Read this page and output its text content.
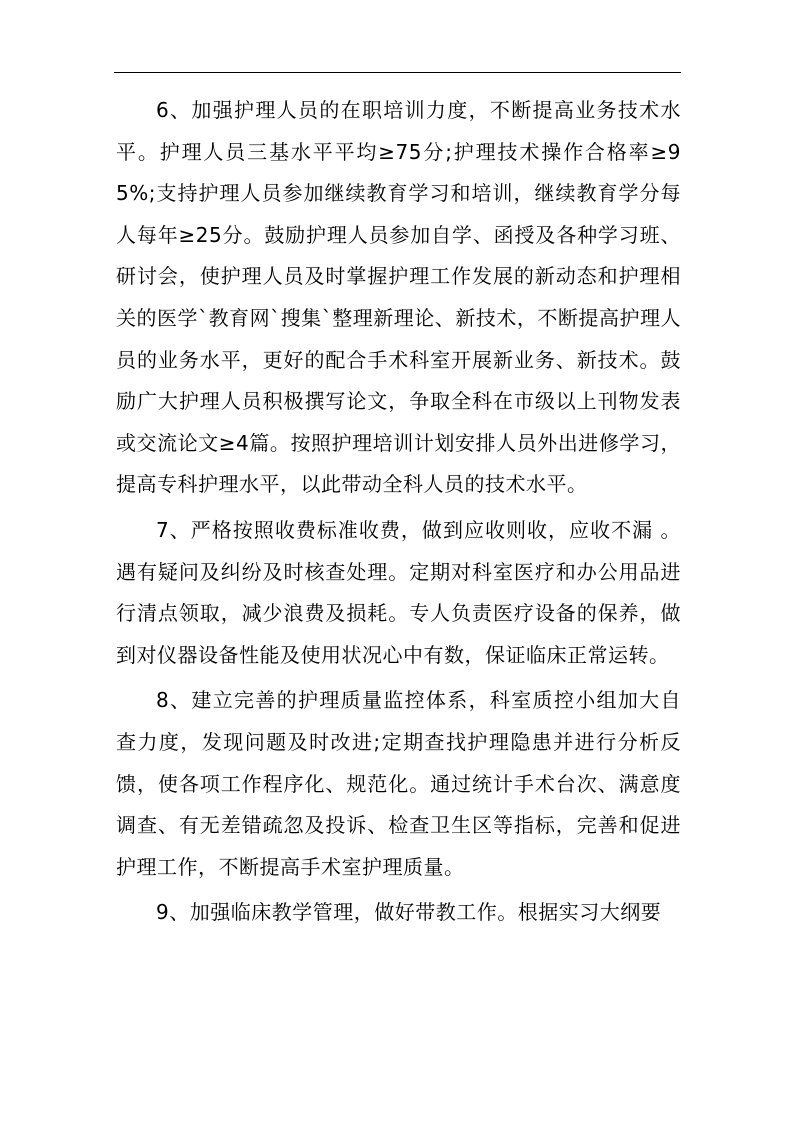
6、加强护理人员的在职培训力度，不断提高业务技术水平。护理人员三基水平平均≥75分;护理技术操作合格率≥95%;支持护理人员参加继续教育学习和培训，继续教育学分每人每年≥25分。鼓励护理人员参加自学、函授及各种学习班、研讨会，使护理人员及时掌握护理工作发展的新动态和护理相关的医学`教育网`搜集`整理新理论、新技术，不断提高护理人员的业务水平，更好的配合手术科室开展新业务、新技术。鼓励广大护理人员积极撰写论文，争取全科在市级以上刊物发表或交流论文≥4篇。按照护理培训计划安排人员外出进修学习，提高专科护理水平，以此带动全科人员的技术水平。

7、严格按照收费标准收费，做到应收则收，应收不漏 。遇有疑问及纠纷及时核查处理。定期对科室医疗和办公用品进行清点领取，减少浪费及损耗。专人负责医疗设备的保养，做到对仪器设备性能及使用状况心中有数，保证临床正常运转。

8、建立完善的护理质量监控体系，科室质控小组加大自查力度，发现问题及时改进;定期查找护理隐患并进行分析反馈，使各项工作程序化、规范化。通过统计手术台次、满意度调查、有无差错疏忽及投诉、检查卫生区等指标，完善和促进护理工作，不断提高手术室护理质量。

9、加强临床教学管理，做好带教工作。根据实习大纲要
